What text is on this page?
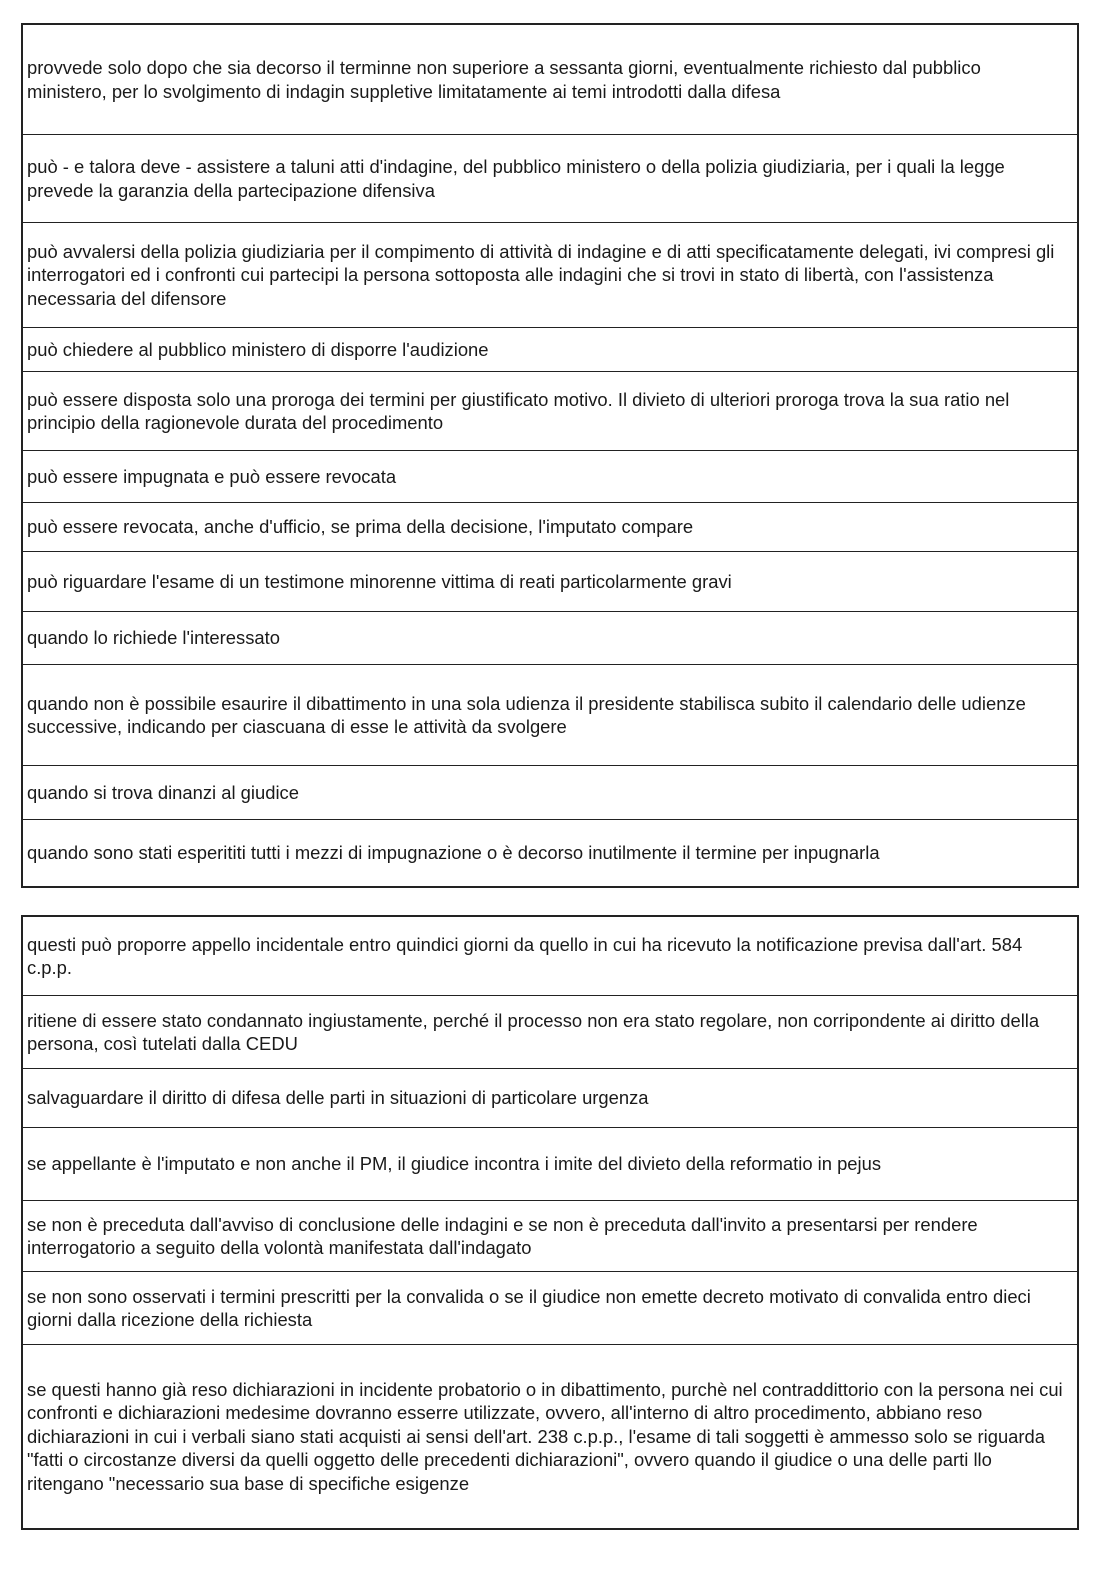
provvede solo dopo che sia decorso il terminne non superiore a sessanta giorni, eventualmente richiesto dal pubblico ministero, per lo svolgimento di indagin suppletive limitatamente ai temi introdotti dalla difesa
può - e talora deve - assistere a taluni atti d'indagine, del pubblico ministero o della polizia giudiziaria, per i quali la legge prevede la garanzia della partecipazione difensiva
può avvalersi della polizia giudiziaria per il compimento di attività di indagine e di atti specificatamente delegati, ivi compresi gli interrogatori ed i confronti cui partecipi la persona sottoposta alle indagini che si trovi in stato di libertà, con l'assistenza necessaria del difensore
può chiedere al pubblico ministero di disporre l'audizione
può essere disposta solo una proroga dei termini per giustificato motivo. Il divieto di ulteriori proroga trova la sua ratio nel principio della ragionevole durata del procedimento
può essere impugnata e può essere revocata
può essere revocata, anche d'ufficio, se prima della decisione, l'imputato compare
può riguardare l'esame di un testimone minorenne vittima di reati particolarmente gravi
quando lo richiede l'interessato
quando non è possibile esaurire il dibattimento in una sola udienza il presidente stabilisca subito il calendario delle udienze successive, indicando per ciascuana di esse le attività da svolgere
quando si trova dinanzi al giudice
quando sono stati esperititi tutti i mezzi di impugnazione o è decorso inutilmente il termine per inpugnarla
questi può proporre appello incidentale entro quindici giorni da quello in cui ha ricevuto la notificazione previsa dall'art. 584 c.p.p.
ritiene di essere stato condannato ingiustamente, perché il processo non era stato regolare, non corripondente ai diritto della persona, così tutelati dalla CEDU
salvaguardare il diritto di difesa delle parti in situazioni di particolare urgenza
se appellante è l'imputato e non anche il PM, il giudice incontra i imite del divieto della reformatio in pejus
se non è preceduta dall'avviso di conclusione delle indagini e se non è preceduta dall'invito a presentarsi per rendere interrogatorio a seguito della volontà manifestata dall'indagato
se non sono osservati i termini prescritti per la convalida o se il giudice non emette decreto motivato di convalida entro dieci giorni dalla ricezione della richiesta
se questi hanno già reso dichiarazioni in incidente probatorio o in dibattimento, purchè nel contraddittorio con la persona nei cui confronti e dichiarazioni medesime dovranno esserre utilizzate, ovvero, all'interno di altro procedimento, abbiano reso dichiarazioni in cui i verbali siano stati acquisti ai sensi dell'art. 238 c.p.p., l'esame di tali soggetti è ammesso solo se riguarda "fatti o circostanze diversi da quelli oggetto delle precedenti dichiarazioni", ovvero quando il giudice o una delle parti llo ritengano "necessario sua base di specifiche esigenze
